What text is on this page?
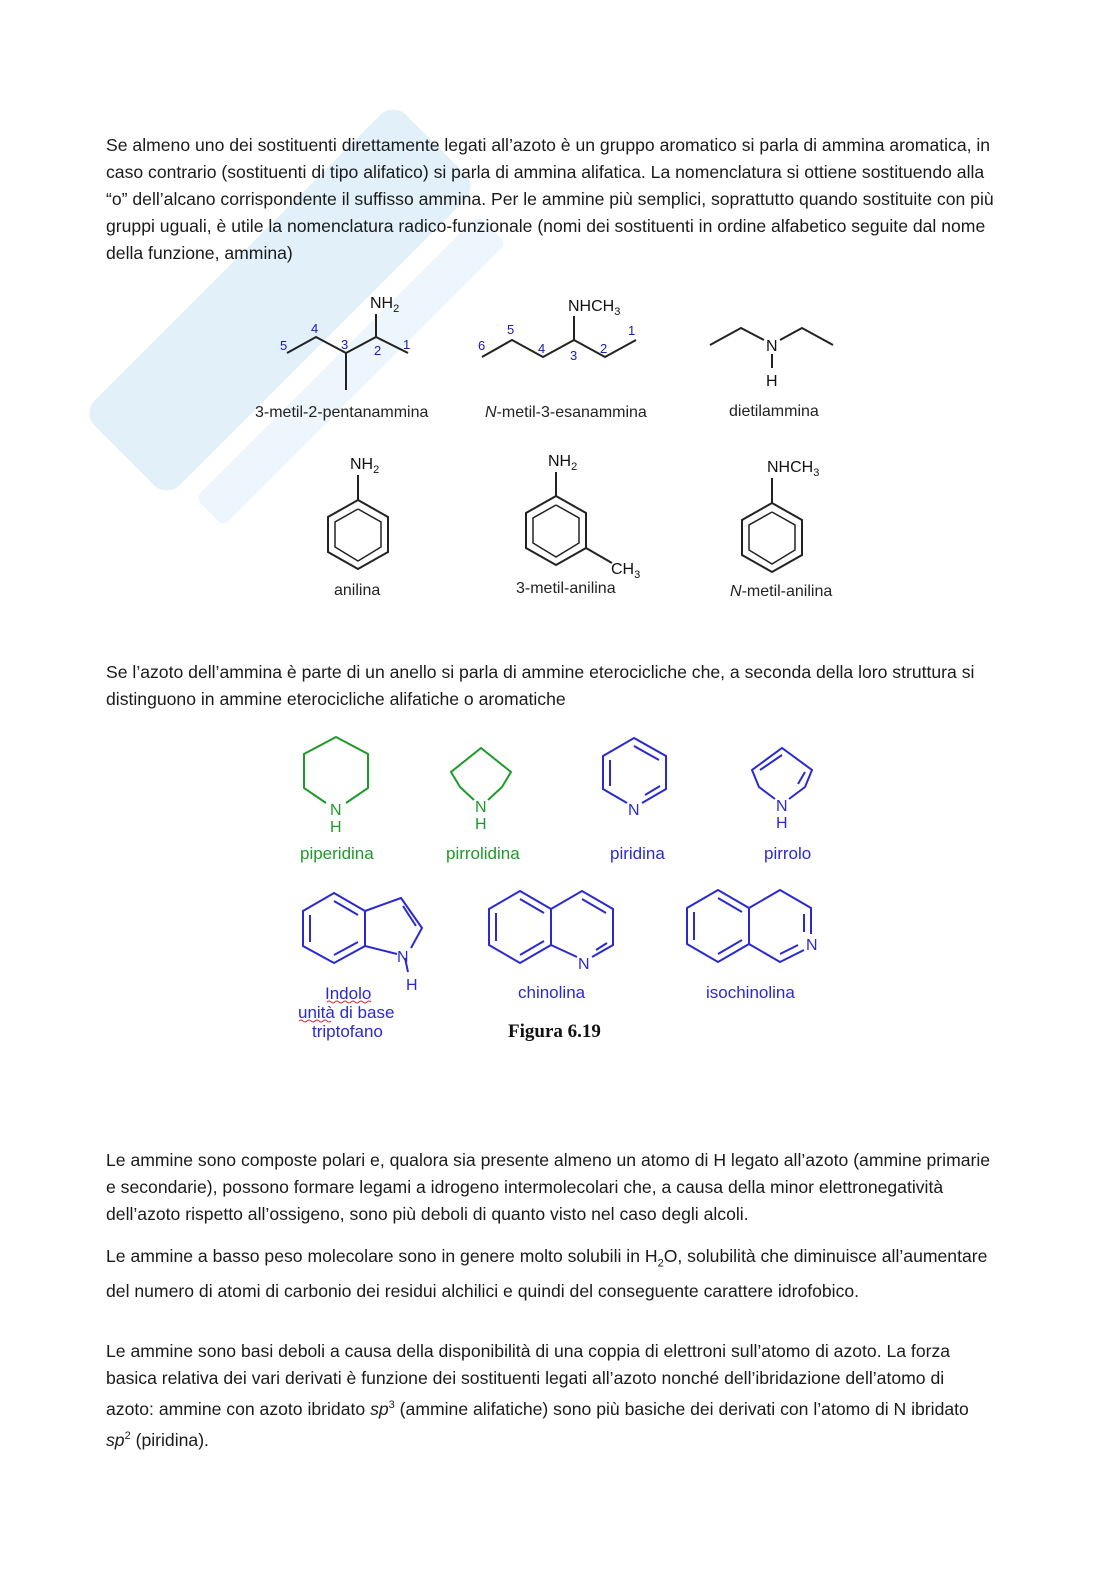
Se almeno uno dei sostituenti direttamente legati all’azoto è un gruppo aromatico si parla di ammina aromatica, in caso contrario (sostituenti di tipo alifatico) si parla di ammina alifatica. La nomenclatura si ottiene sostituendo alla “o” dell’alcano corrispondente il suffisso ammina. Per le ammine più semplici, soprattutto quando sostituite con più gruppi uguali, è utile la nomenclatura radico-funzionale (nomi dei sostituenti in ordine alfabetico seguite dal nome della funzione, ammina)

$NH_2$
5
4
3 2 1
3-metil-2-pentanammina
$NHCH_3$
6
5
4 3 2
1
N-metil-3-esanammina
N
H
dietilammina
$NH_2$
anilina
$NH_2$
$CH_3$
3-metil-anilina
$NHCH_3$
N-metil-anilina

Se l’azoto dell’ammina è parte di un anello si parla di ammine eterocicliche che, a seconda della loro struttura si distinguono in ammine eterocicliche alifatiche o aromatiche

N
H
piperidina
N
H
pirrolidina
N
piridina
N
H
pirrolo
N
H
Indolo
unità di base
triptofano
N
chinolina
N
isochinolina
Figura 6.19

Le ammine sono composte polari e, qualora sia presente almeno un atomo di H legato all’azoto (ammine primarie e secondarie), possono formare legami a idrogeno intermolecolari che, a causa della minor elettronegatività dell’azoto rispetto all’ossigeno, sono più deboli di quanto visto nel caso degli alcoli.

Le ammine a basso peso molecolare sono in genere molto solubili in $H_2O$, solubilità che diminuisce all’aumentare del numero di atomi di carbonio dei residui alchilici e quindi del conseguente carattere idrofobico.

Le ammine sono basi deboli a causa della disponibilità di una coppia di elettroni sull’atomo di azoto. La forza basica relativa dei vari derivati è funzione dei sostituenti legati all’azoto nonché dell’ibridazione dell’atomo di azoto: ammine con azoto ibridato $sp^3$ (ammine alifatiche) sono più basiche dei derivati con l’atomo di N ibridato $sp^2$ (piridina).
